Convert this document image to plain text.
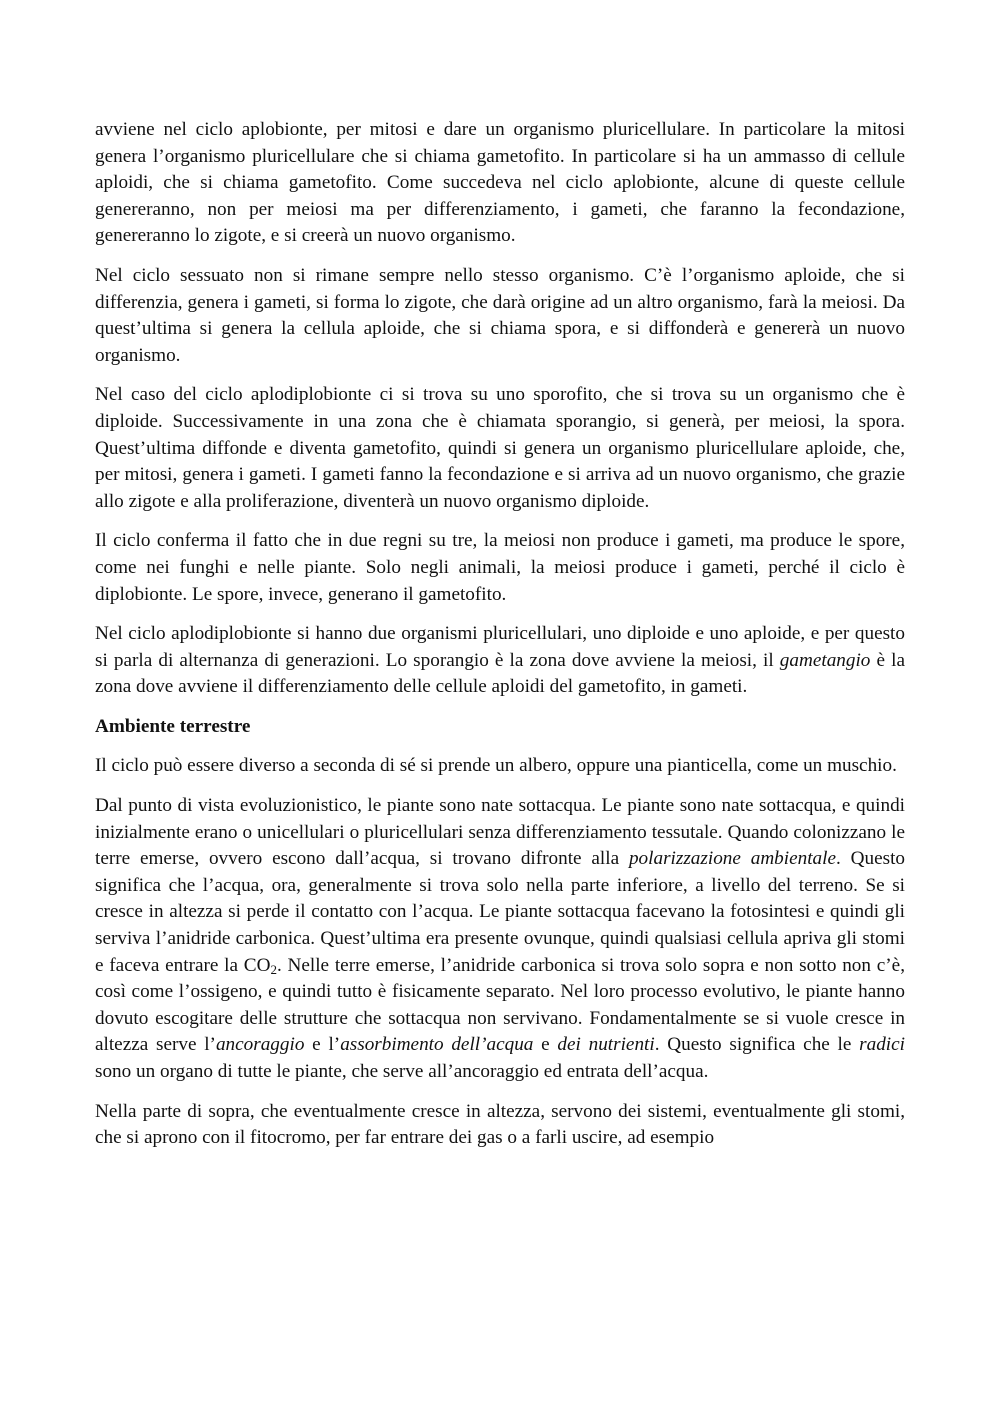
avviene nel ciclo aplobionte, per mitosi e dare un organismo pluricellulare. In particolare la mitosi genera l’organismo pluricellulare che si chiama gametofito. In particolare si ha un ammasso di cellule aploidi, che si chiama gametofito. Come succedeva nel ciclo aplobionte, alcune di queste cellule genereranno, non per meiosi ma per differenziamento, i gameti, che faranno la fecondazione, genereranno lo zigote, e si creerà un nuovo organismo.

Nel ciclo sessuato non si rimane sempre nello stesso organismo. C’è l’organismo aploide, che si differenzia, genera i gameti, si forma lo zigote, che darà origine ad un altro organismo, farà la meiosi. Da quest’ultima si genera la cellula aploide, che si chiama spora, e si diffonderà e genererà un nuovo organismo.

Nel caso del ciclo aplodiplobionte ci si trova su uno sporofito, che si trova su un organismo che è diploide. Successivamente in una zona che è chiamata sporangio, si generà, per meiosi, la spora. Quest’ultima diffonde e diventa gametofito, quindi si genera un organismo pluricellulare aploide, che, per mitosi, genera i gameti. I gameti fanno la fecondazione e si arriva ad un nuovo organismo, che grazie allo zigote e alla proliferazione, diventerà un nuovo organismo diploide.

Il ciclo conferma il fatto che in due regni su tre, la meiosi non produce i gameti, ma produce le spore, come nei funghi e nelle piante. Solo negli animali, la meiosi produce i gameti, perché il ciclo è diplobionte. Le spore, invece, generano il gametofito.

Nel ciclo aplodiplobionte si hanno due organismi pluricellulari, uno diploide e uno aploide, e per questo si parla di alternanza di generazioni. Lo sporangio è la zona dove avviene la meiosi, il gametangio è la zona dove avviene il differenziamento delle cellule aploidi del gametofito, in gameti.

Ambiente terrestre

Il ciclo può essere diverso a seconda di sé si prende un albero, oppure una pianticella, come un muschio.

Dal punto di vista evoluzionistico, le piante sono nate sottacqua. Le piante sono nate sottacqua, e quindi inizialmente erano o unicellulari o pluricellulari senza differenziamento tessutale. Quando colonizzano le terre emerse, ovvero escono dall’acqua, si trovano difronte alla polarizzazione ambientale. Questo significa che l’acqua, ora, generalmente si trova solo nella parte inferiore, a livello del terreno. Se si cresce in altezza si perde il contatto con l’acqua. Le piante sottacqua facevano la fotosintesi e quindi gli serviva l’anidride carbonica. Quest’ultima era presente ovunque, quindi qualsiasi cellula apriva gli stomi e faceva entrare la $CO_2$. Nelle terre emerse, l’anidride carbonica si trova solo sopra e non sotto non c’è, così come l’ossigeno, e quindi tutto è fisicamente separato. Nel loro processo evolutivo, le piante hanno dovuto escogitare delle strutture che sottacqua non servivano. Fondamentalmente se si vuole cresce in altezza serve l’ancoraggio e l’assorbimento dell’acqua e dei nutrienti. Questo significa che le radici sono un organo di tutte le piante, che serve all’ancoraggio ed entrata dell’acqua.

Nella parte di sopra, che eventualmente cresce in altezza, servono dei sistemi, eventualmente gli stomi, che si aprono con il fitocromo, per far entrare dei gas o a farli uscire, ad esempio
